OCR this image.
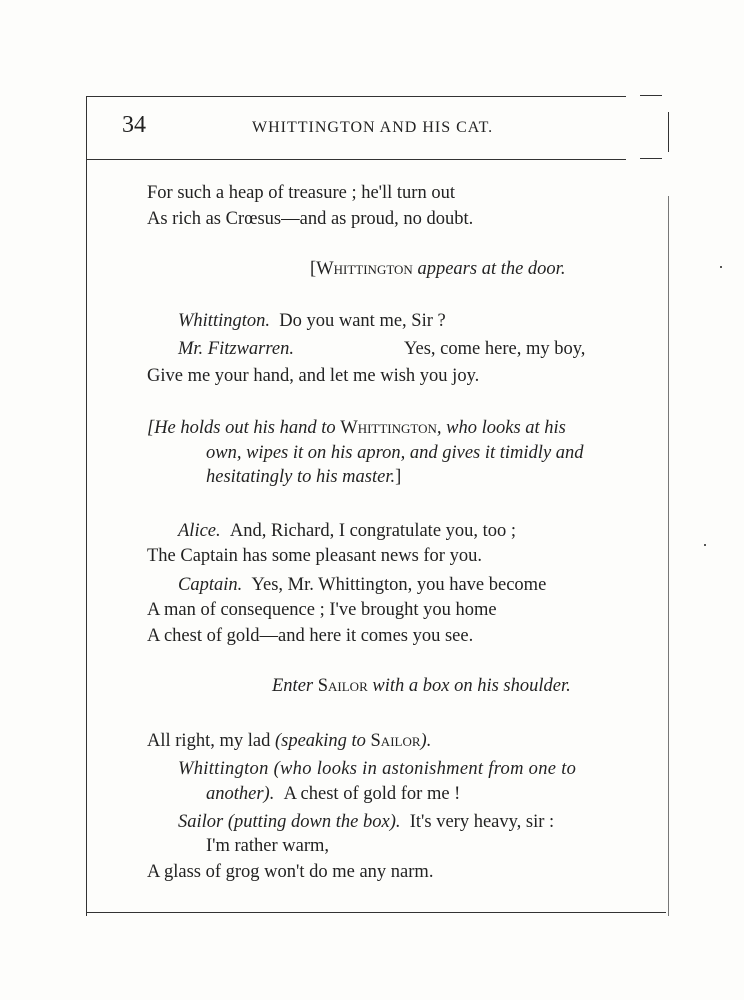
34	WHITTINGTON AND HIS CAT.
For such a heap of treasure ; he'll turn out
As rich as Crœsus—and as proud, no doubt.
[Whittington appears at the door.
Whittington. Do you want me, Sir ?
Mr. Fitzwarren.	Yes, come here, my boy,
Give me your hand, and let me wish you joy.
[He holds out his hand to Whittington, who looks at his
own, wipes it on his apron, and gives it timidly and
hesitatingly to his master.]
Alice. And, Richard, I congratulate you, too ;
The Captain has some pleasant news for you.
Captain. Yes, Mr. Whittington, you have become
A man of consequence ; I've brought you home
A chest of gold—and here it comes you see.
Enter Sailor with a box on his shoulder.
All right, my lad (speaking to Sailor).
Whittington (who looks in astonishment from one to
another). A chest of gold for me !
Sailor (putting down the box). It's very heavy, sir :
I'm rather warm,
A glass of grog won't do me any narm.
